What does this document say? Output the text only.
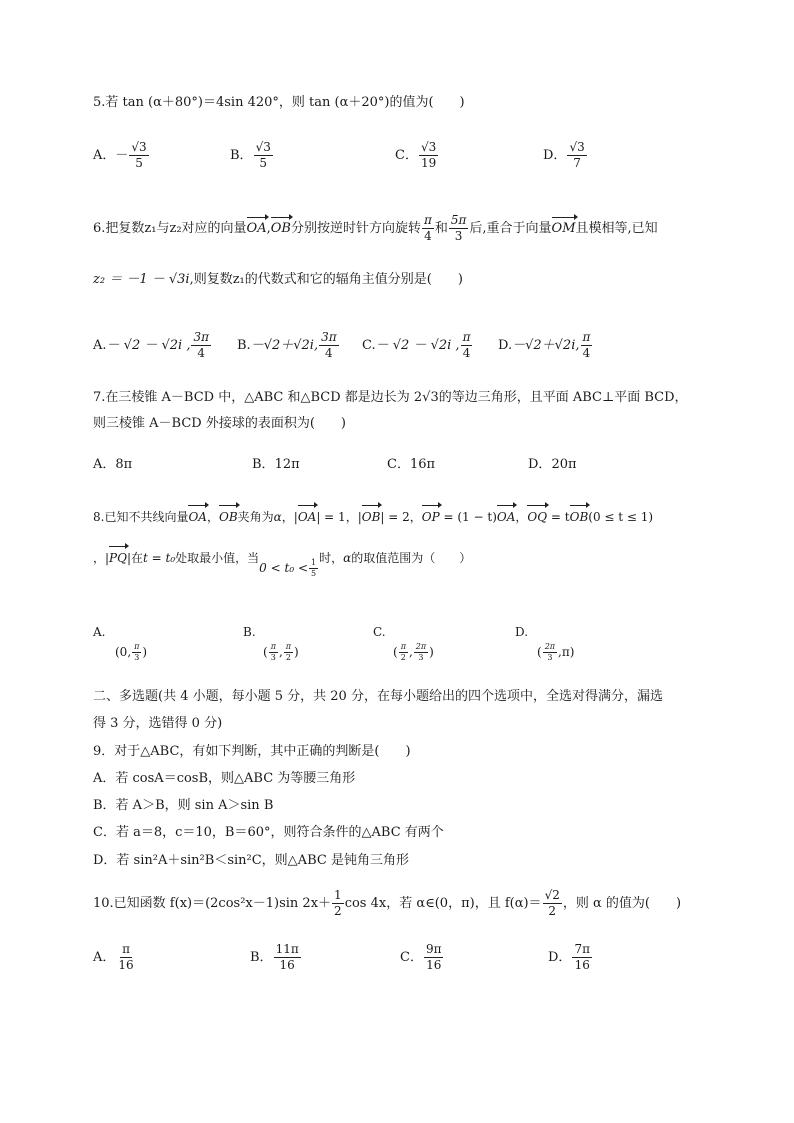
5.若 tan (α＋80°)＝4sin 420°，则 tan (α＋20°)的值为(　　)
A．－ $\frac{√3}{5}$	B． $\frac{√3}{5}$	C． $\frac{√3}{19}$	D． $\frac{√3}{7}$
6.把复数z₁与z₂对应的向量OA,OB分别按逆时针方向旋转 $\frac{\pi}{4}$ 和 $\frac{5\pi}{3}$ 后,重合于向量OM且模相等,已知
z₂ ＝ －1 － √3i,则复数z₁的代数式和它的辐角主值分别是(　　)
A.－ √2 － √2i , $\frac{3\pi}{4} B.-√2+√2i$, $\frac{3\pi}{4} C.- √2 - √2i$ , $\frac{\pi}{4} D.-√2+√2i$, $\frac{\pi}{4}$
7.在三棱锥 A－BCD 中，△ABC 和△BCD 都是边长为 2√3的等边三角形，且平面 ABC⊥平面 BCD，
则三棱锥 A－BCD 外接球的表面积为(　　)
A．8π	B．12π	C．16π	D．20π
8.已知不共线向量OA，OB夹角为α，|OA| = 1，|OB| = 2，OP = (1 − t)OA，OQ = tOB(0 ≤ t ≤ 1)
，|PQ|在t = t₀处取最小值，当$0 < t_0 < \frac{1}{5}$ 时，α的取值范围为（　　）
A.
(0, $\frac{\pi}{3}$ )
B.
( $\frac{\pi}{3}$ , $\frac{\pi}{2}$ )
C.
( $\frac{\pi}{2}$ , $\frac{2\pi}{3}$ )
D.
( $\frac{2\pi}{3} ,\pi$)
二、多选题(共 4 小题，每小题 5 分，共 20 分，在每小题给出的四个选项中，全选对得满分，漏选
得 3 分，选错得 0 分)
9．对于△ABC，有如下判断，其中正确的判断是(　　)
A．若 cosA＝cosB，则△ABC 为等腰三角形
B．若 A＞B，则 sin A＞sin B
C．若 a＝8，c＝10，B＝60°，则符合条件的△ABC 有两个
D．若 sin²A＋sin²B＜sin²C，则△ABC 是钝角三角形
10.已知函数 f(x)＝(2cos²x－1)sin $2x+ \frac{1}{2}$ cos 4x，若 α∈(0，π)，且 $f(\alpha)= \frac{√2}{2}$ ，则 α 的值为(　　)
A． $\frac{\pi}{16}$	B． $\frac{11\pi}{16}$	C． $\frac{9\pi}{16}$	D． $\frac{7\pi}{16}$
